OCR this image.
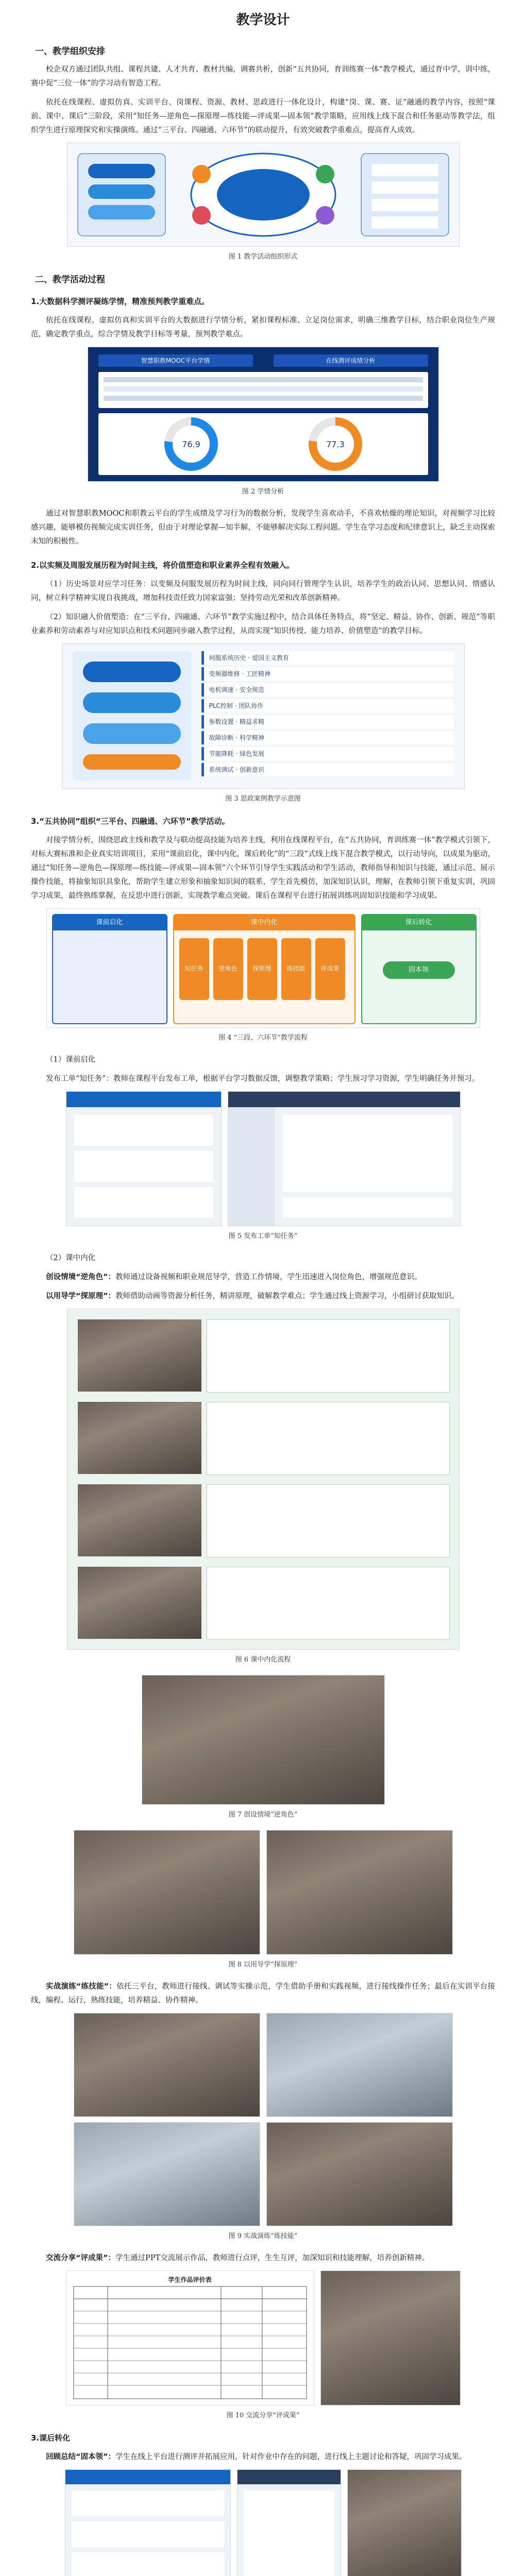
教学设计
一、教学组织安排

校企双方通过团队共组、课程共建、人才共育、教材共编，调赛共析，创新“五共协同，育训练赛一体”教学模式，通过育中学，训中练，赛中促“三位一体”的学习动有智造工程。

依托在线课程、虚拟仿真、实训平台、岗课程、资源、教材、思政进行一体化设计，构建“岗、课、赛、证”融通的教学内容，按照“课前、课中、课后”三阶段，采用“知任务—逆角色—探原理—练技能—评成果—固本领”教学策略，应用线上线下混合和任务驱动等教学法，组织学生进行原理探究和实操演练。通过“三平台、四融通、六环节”的联动提升，有效突破教学重难点，提高育人成效。

图 1 教学活动组织形式
二、教学活动过程
1.大数据科学测评凝练学情，精准预判教学重难点。

依托在线课程、虚拟仿真和实训平台的大数据进行学情分析，紧扣课程标准、立足岗位需求，明确三维教学目标，结合职业岗位生产规范，确定教学重点，综合学情及教学目标等考量，预判教学难点。

智慧职教MOOC平台学情	在线测评成绩分析
76.9	77.3
图 2 学情分析

通过对智慧职教MOOC和职教云平台的学生成绩及学习行为的数据分析，发现学生喜欢动手，不喜欢枯燥的理论知识，对视频学习比较感兴趣，能够模仿视频完成实训任务，但由于对理论掌握—知半解，不能够解决实际工程问题。学生在学习态度和纪律意识上，缺乏主动探索未知的积极性。

2.以实频及周服发展历程为时间主线，将价值塑造和职业素养全程有效融入。

（1）历史场景对应学习任务：以变频及伺服发展历程为时间主线，同向同行管理学生认识，培养学生的政治认同、思想认同、情感认同，树立科学精神实现自我挑战，增加科技责任致力国家富强；坚持劳动光荣和改革创新精神。

（2）知识融入价值塑造：在“三平台、四融通、六环节”教学实施过程中，结合具体任务特点，将“坚定、精益、协作、创新、规范”等职业素养和劳动素养与对应知识点和技术问题同步融入教学过程，从而实现“知识传授、能力培养、价值塑造”的教学目标。

伺服系统历史 · 爱国主义教育
变频器维修 · 工匠精神
电机调速 · 安全规范
PLC控制 · 团队协作
参数设置 · 精益求精
故障诊断 · 科学精神
节能降耗 · 绿色发展
系统调试 · 创新意识
图 3 思政案例教学示意图
3.“五共协同”组织“三平台、四融通、六环节”教学活动。

对接学情分析，围绕思政主线和教学及与联动提高技能为培养主线，利用在线课程平台，在“五共协同，育训练赛一体”教学模式引领下，对标大赛标准和企业真实培训项目，采用“课前启化，课中内化，课后转化”的“三段”式线上线下混合教学模式，以行动导向，以成果为驱动，通过“知任务—逆角色—探原理—练技能—评成果—固本领”六个环节引导学生实践活动和学生活动，教师指导和知识与技能，通过示范、展示操作技能，将抽象知识具象化，帮助学生建立形象和抽象知识间的联系，学生首先模仿，加深知识认识，理解，在教师引领下重复实训，巩固学习成果，最终熟练掌握，在反思中进行创新，实现教学难点突破。课后在课程平台进行拓展训练巩固知识技能和学习成果。

课前启化	课中内化
知任务 逆角色 探原理 练技能 评成果
课后转化
固本领
图 4 “三段、六环节”教学流程

（1）课前启化

发布工单“知任务”：教师在课程平台发布工单，根据平台学习数据反馈，调整教学策略；学生预习学习资源，学生明确任务并预习。

图 5 发布工单“知任务”

（2）课中内化

创设情境“逆角色”：教师通过设备视频和职业规范导学，营造工作情境，学生迅速进入岗位角色，增强规范意识。

以用导学“探原理”：教师借助动画等资源分析任务，精讲原理，破解教学难点；学生通过线上资源学习，小组研讨获取知识。

图 6 课中内化流程
图 7 创设情境“逆角色”
图 8 以用导学“探原理”

实战演练“练技能”：依托三平台，教师进行接线、调试等实操示范，学生借助手册和实践视频，进行接线操作任务；最后在实训平台接线，编程、运行，熟练技能，培养精益、协作精神。

图 9 实战演练“练技能”

交流分享“评成果”：学生通过PPT交流展示作品，教师进行点评，生生互评，加深知识和技能理解，培养创新精神。

学生作品评价表
图 10 交流分享“评成果”
3.课后转化

回顾总结“固本领”：学生在线上平台进行测评并拓展应用，针对作业中存在的问题，进行线上主题讨论和答疑，巩固学习成果。
